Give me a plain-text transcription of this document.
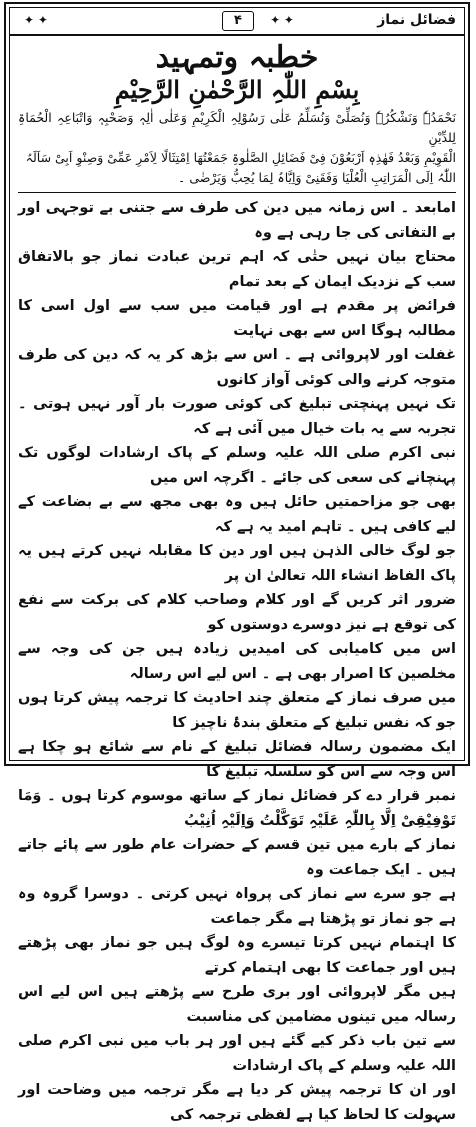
✦ ✦	۴	✦ ✦	فضائل نماز
خطبہ وتمہید
بِسْمِ اللّٰہِ الرَّحْمٰنِ الرَّحِیْمِ

نَحْمَدُہٗ وَنَشْکُرُہٗ وَنُصَلِّیْ وَنُسَلِّمُ عَلٰی رَسُوْلِہِ الْکَرِیْمِ وَعَلٰی اٰلِہٖ وَصَحْبِہٖ وَاتْبَاعِہِ الْحُمَاۃِ لِلدِّیْنِ

الْقَوِیْمِ وَبَعْدُ فَھٰذِہٖ اَرْبَعُوْنَ فِیْ فَضَائِلِ الصَّلٰوۃِ جَمَعْتُھَا اِمْتِثَالًا لِاَمْرِ عَمِّیْ وَصِنْوِ اَبِیْ سَاَلَہُ

اللّٰہُ اِلَی الْمَرَاتِبِ الْعُلْیَا وَفَقَنِیْ وَاِیَّاہُ لِمَا یُحِبُّ وَیَرْضٰی ۔

امابعد ۔ اس زمانہ میں دین کی طرف سے جتنی بے توجہی اور بے التفاتی کی جا رہی ہے وہ

محتاج بیان نہیں حتٰی کہ اہم ترین عبادت نماز جو بالاتفاق سب کے نزدیک ایمان کے بعد تمام

فرائض پر مقدم ہے اور قیامت میں سب سے اول اسی کا مطالبہ ہوگا اس سے بھی نہایت

غفلت اور لاپروائی ہے ۔ اس سے بڑھ کر یہ کہ دین کی طرف متوجہ کرنے والی کوئی آواز کانوں

تک نہیں پہنچتی تبلیغ کی کوئی صورت بار آور نہیں ہوتی ۔ تجربہ سے یہ بات خیال میں آئی ہے کہ

نبی اکرم صلی اللہ علیہ وسلم کے پاک ارشادات لوگوں تک پہنچانے کی سعی کی جائے ۔ اگرچہ اس میں

بھی جو مزاحمتیں حائل ہیں وہ بھی مجھ سے بے بضاعت کے لیے کافی ہیں ۔ تاہم امید یہ ہے کہ

جو لوگ خالی الذہن ہیں اور دین کا مقابلہ نہیں کرتے ہیں یہ پاک الفاظ انشاء اللہ تعالیٰ ان پر

ضرور اثر کریں گے اور کلام وصاحب کلام کی برکت سے نفع کی توقع ہے نیز دوسرے دوستوں کو

اس میں کامیابی کی امیدیں زیادہ ہیں جن کی وجہ سے مخلصین کا اصرار بھی ہے ۔ اس لیے اس رسالہ

میں صرف نماز کے متعلق چند احادیث کا ترجمہ پیش کرتا ہوں جو کہ نفس تبلیغ کے متعلق بندۂ ناچیز کا

ایک مضمون رسالہ فضائل تبلیغ کے نام سے شائع ہو چکا ہے اس وجہ سے اس کو سلسلہ تبلیغ کا

نمبر قرار دے کر فضائل نماز کے ساتھ موسوم کرتا ہوں ۔ وَمَا تَوْفِیْقِیْ اِلَّا بِاللّٰہِ عَلَیْہِ تَوَکَّلْتُ وَاِلَیْہِ اُنِیْبُ

نماز کے بارے میں تین قسم کے حضرات عام طور سے پائے جاتے ہیں ۔ ایک جماعت وہ

ہے جو سرے سے نماز کی پرواہ نہیں کرتی ۔ دوسرا گروہ وہ ہے جو نماز تو پڑھتا ہے مگر جماعت

کا اہتمام نہیں کرتا تیسرے وہ لوگ ہیں جو نماز بھی پڑھتے ہیں اور جماعت کا بھی اہتمام کرتے

ہیں مگر لاپروائی اور بری طرح سے پڑھتے ہیں اس لیے اس رسالہ میں تینوں مضامین کی مناسبت

سے تین باب ذکر کیے گئے ہیں اور ہر باب میں نبی اکرم صلی اللہ علیہ وسلم کے پاک ارشادات

اور ان کا ترجمہ پیش کر دیا ہے مگر ترجمہ میں وضاحت اور سہولت کا لحاظ کیا ہے لفظی ترجمہ کی
